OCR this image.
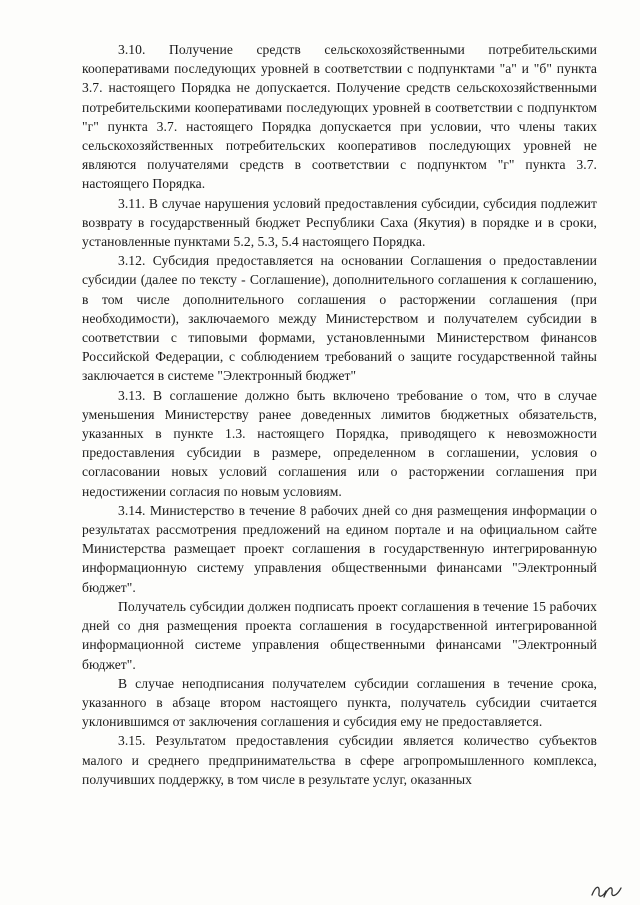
3.10. Получение средств сельскохозяйственными потребительскими кооперативами последующих уровней в соответствии с подпунктами "а" и "б" пункта 3.7. настоящего Порядка не допускается. Получение средств сельскохозяйственными потребительскими кооперативами последующих уровней в соответствии с подпунктом "г" пункта 3.7. настоящего Порядка допускается при условии, что члены таких сельскохозяйственных потребительских кооперативов последующих уровней не являются получателями средств в соответствии с подпунктом "г" пункта 3.7. настоящего Порядка.

3.11. В случае нарушения условий предоставления субсидии, субсидия подлежит возврату в государственный бюджет Республики Саха (Якутия) в порядке и в сроки, установленные пунктами 5.2, 5.3, 5.4 настоящего Порядка.

3.12. Субсидия предоставляется на основании Соглашения о предоставлении субсидии (далее по тексту - Соглашение), дополнительного соглашения к соглашению, в том числе дополнительного соглашения о расторжении соглашения (при необходимости), заключаемого между Министерством и получателем субсидии в соответствии с типовыми формами, установленными Министерством финансов Российской Федерации, с соблюдением требований о защите государственной тайны заключается в системе "Электронный бюджет"

3.13. В соглашение должно быть включено требование о том, что в случае уменьшения Министерству ранее доведенных лимитов бюджетных обязательств, указанных в пункте 1.3. настоящего Порядка, приводящего к невозможности предоставления субсидии в размере, определенном в соглашении, условия о согласовании новых условий соглашения или о расторжении соглашения при недостижении согласия по новым условиям.

3.14. Министерство в течение 8 рабочих дней со дня размещения информации о результатах рассмотрения предложений на едином портале и на официальном сайте Министерства размещает проект соглашения в государственную интегрированную информационную систему управления общественными финансами "Электронный бюджет".

Получатель субсидии должен подписать проект соглашения в течение 15 рабочих дней со дня размещения проекта соглашения в государственной интегрированной информационной системе управления общественными финансами "Электронный бюджет".

В случае неподписания получателем субсидии соглашения в течение срока, указанного в абзаце втором настоящего пункта, получатель субсидии считается уклонившимся от заключения соглашения и субсидия ему не предоставляется.

3.15. Результатом предоставления субсидии является количество субъектов малого и среднего предпринимательства в сфере агропромышленного комплекса, получивших поддержку, в том числе в результате услуг, оказанных
